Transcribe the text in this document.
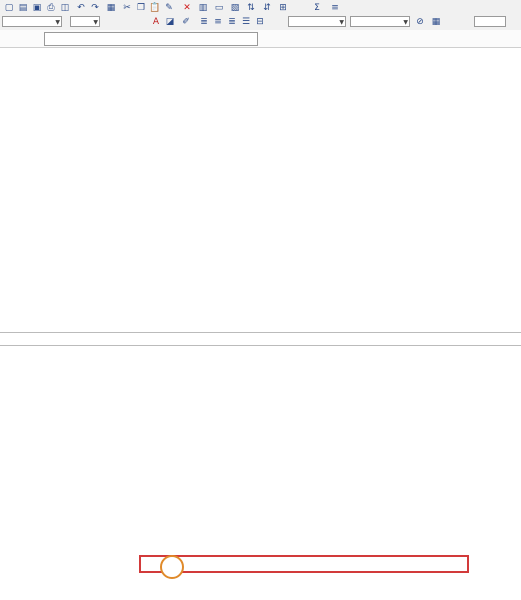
▢ ▤ ▣ ⎙ ◫ ↶ ↷ ▦ ✂ ❐ 📋 ✎ ✕ ▥ ▭ ▧ ⇅ ⇵ ⊞	Σ	≡
▼	▼	A ◪ ✐ ≣ ≡ ≣ ☰ ⊟	▼	▼ ⊘ ▦
